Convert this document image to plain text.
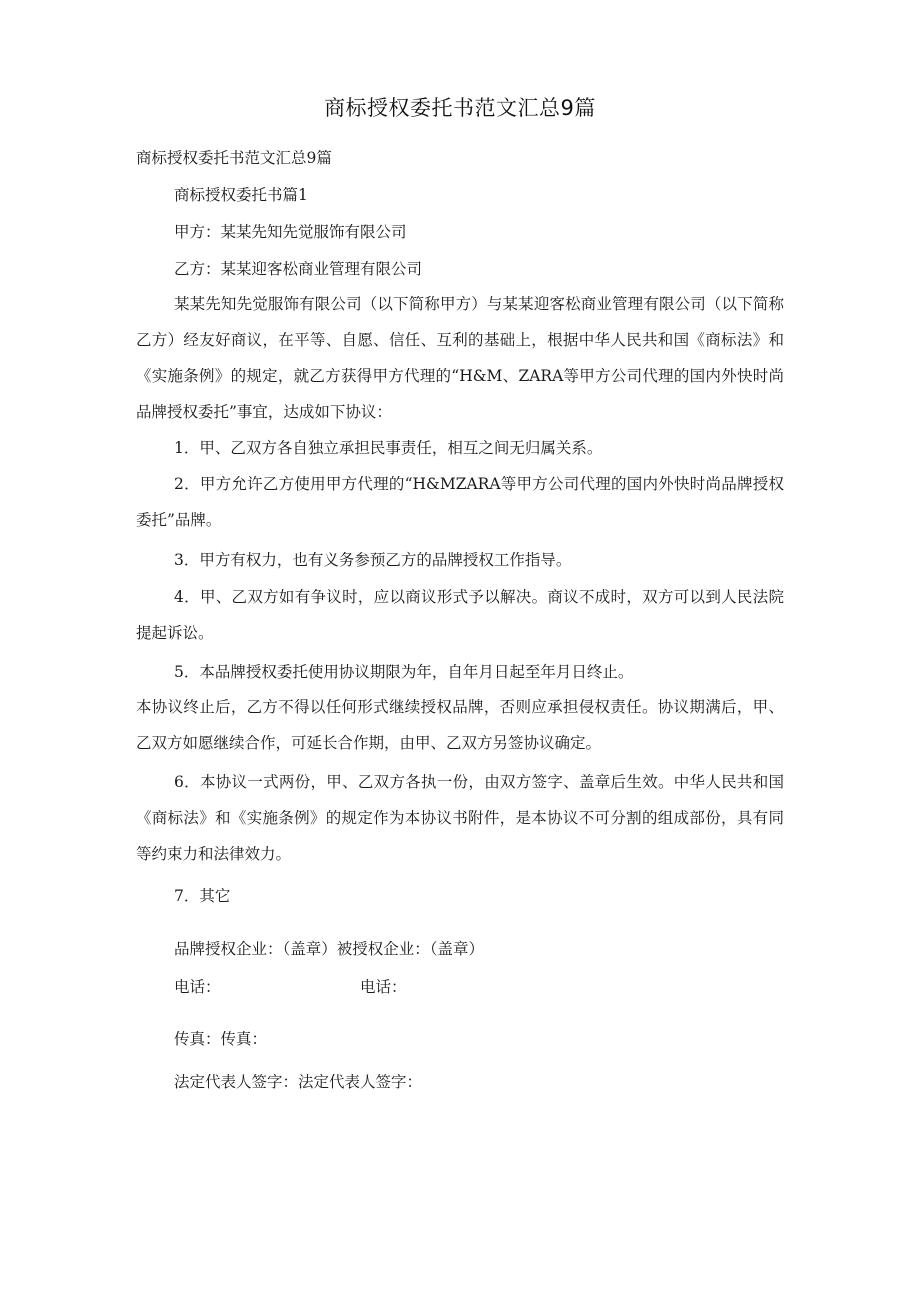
商标授权委托书范文汇总9篇
商标授权委托书范文汇总9篇
商标授权委托书篇1
甲方：某某先知先觉服饰有限公司
乙方：某某迎客松商业管理有限公司
某某先知先觉服饰有限公司（以下简称甲方）与某某迎客松商业管理有限公司（以下简称乙方）经友好商议，在平等、自愿、信任、互利的基础上，根据中华人民共和国《商标法》和《实施条例》的规定，就乙方获得甲方代理的“H&M、ZARA等甲方公司代理的国内外快时尚品牌授权委托”事宜，达成如下协议：
1．甲、乙双方各自独立承担民事责任，相互之间无归属关系。
2．甲方允许乙方使用甲方代理的“H&MZARA等甲方公司代理的国内外快时尚品牌授权委托”品牌。
3．甲方有权力，也有义务参预乙方的品牌授权工作指导。
4．甲、乙双方如有争议时，应以商议形式予以解决。商议不成时，双方可以到人民法院提起诉讼。
5．本品牌授权委托使用协议期限为年，自年月日起至年月日终止。
本协议终止后，乙方不得以任何形式继续授权品牌，否则应承担侵权责任。协议期满后，甲、乙双方如愿继续合作，可延长合作期，由甲、乙双方另签协议确定。
6．本协议一式两份，甲、乙双方各执一份，由双方签字、盖章后生效。中华人民共和国《商标法》和《实施条例》的规定作为本协议书附件，是本协议不可分割的组成部份，具有同等约束力和法律效力。
7．其它
品牌授权企业：（盖章）被授权企业：（盖章）
电话：	电话：
传真：传真：
法定代表人签字：法定代表人签字：
